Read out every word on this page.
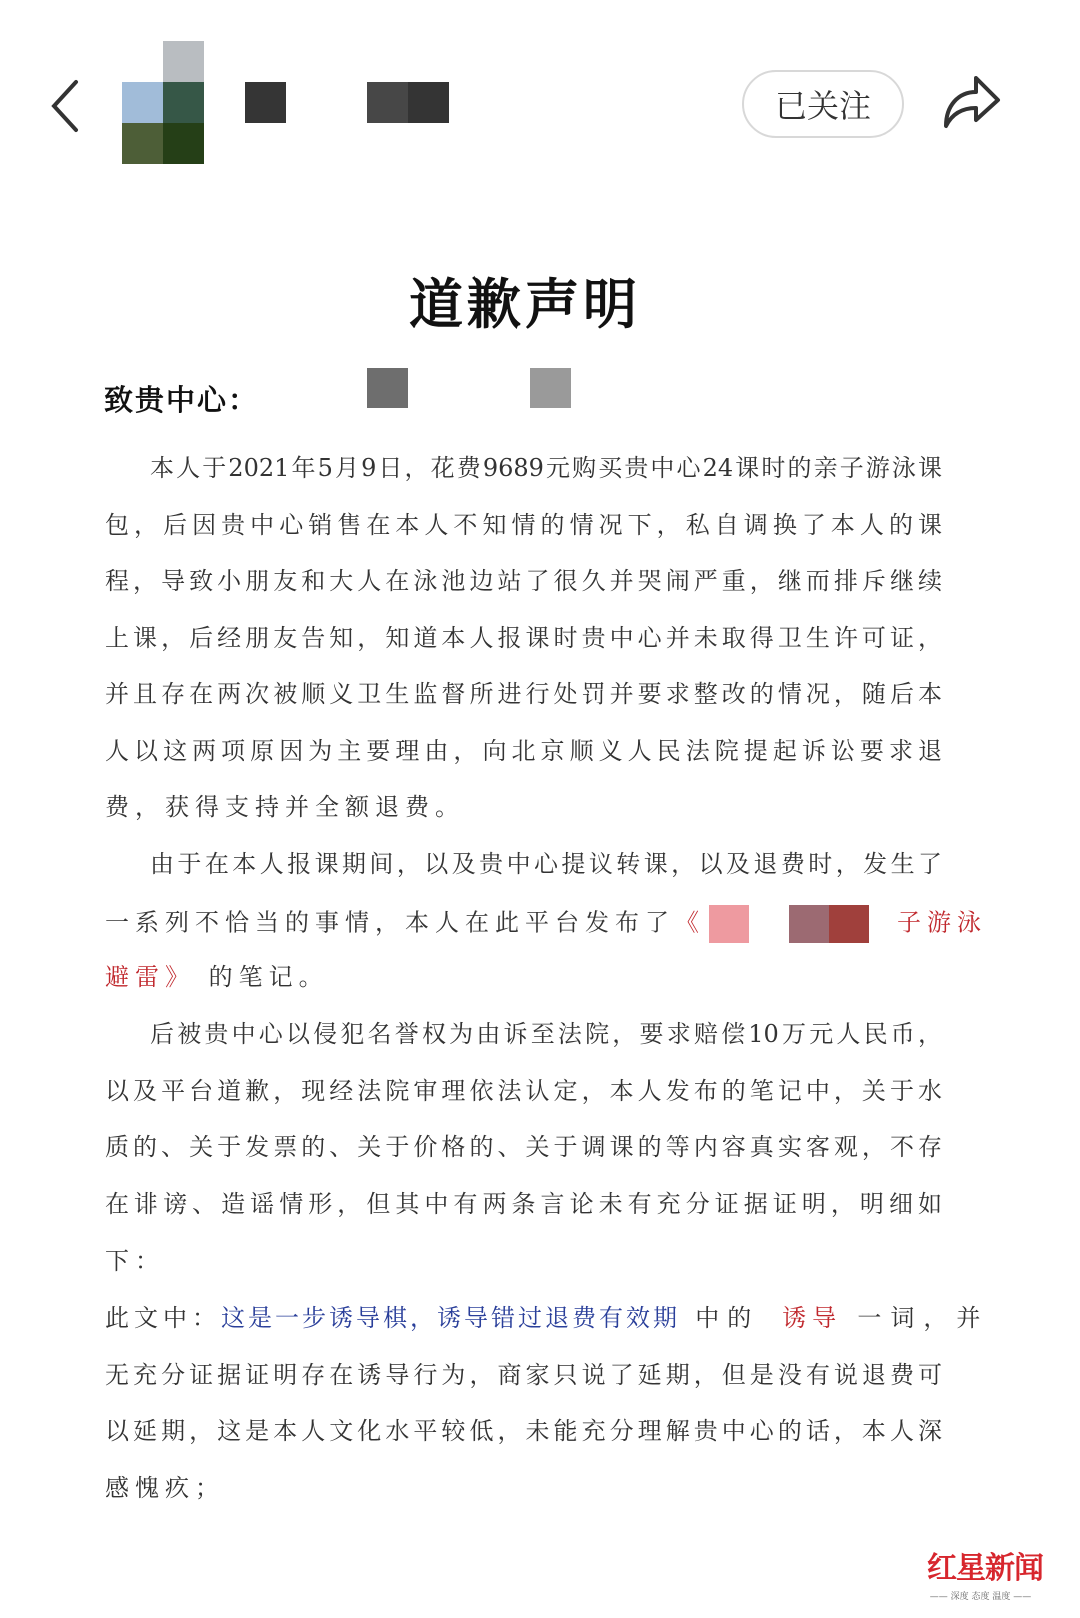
已关注
道歉声明
致贵中心：
本人于2021年5月9日，花费9689元购买贵中心24课时的亲子游泳课
包，后因贵中心销售在本人不知情的情况下，私自调换了本人的课
程，导致小朋友和大人在泳池边站了很久并哭闹严重，继而排斥继续
上课，后经朋友告知，知道本人报课时贵中心并未取得卫生许可证，
并且存在两次被顺义卫生监督所进行处罚并要求整改的情况，随后本
人以这两项原因为主要理由，向北京顺义人民法院提起诉讼要求退
费，获得支持并全额退费。
由于在本人报课期间，以及贵中心提议转课，以及退费时，发生了
一系列不恰当的事情，本人在此平台发布了《	子游泳
避雷》 的笔记。
后被贵中心以侵犯名誉权为由诉至法院，要求赔偿10万元人民币，
以及平台道歉，现经法院审理依法认定，本人发布的笔记中，关于水
质的、关于发票的、关于价格的、关于调课的等内容真实客观，不存
在诽谤、造谣情形，但其中有两条言论未有充分证据证明，明细如
下：
此文中：这是一步诱导棋，诱导错过退费有效期 中的 诱导 一词，并
无充分证据证明存在诱导行为，商家只说了延期，但是没有说退费可
以延期，这是本人文化水平较低，未能充分理解贵中心的话，本人深
感愧疚；
红星新闻
—— 深度 态度 温度 ——
